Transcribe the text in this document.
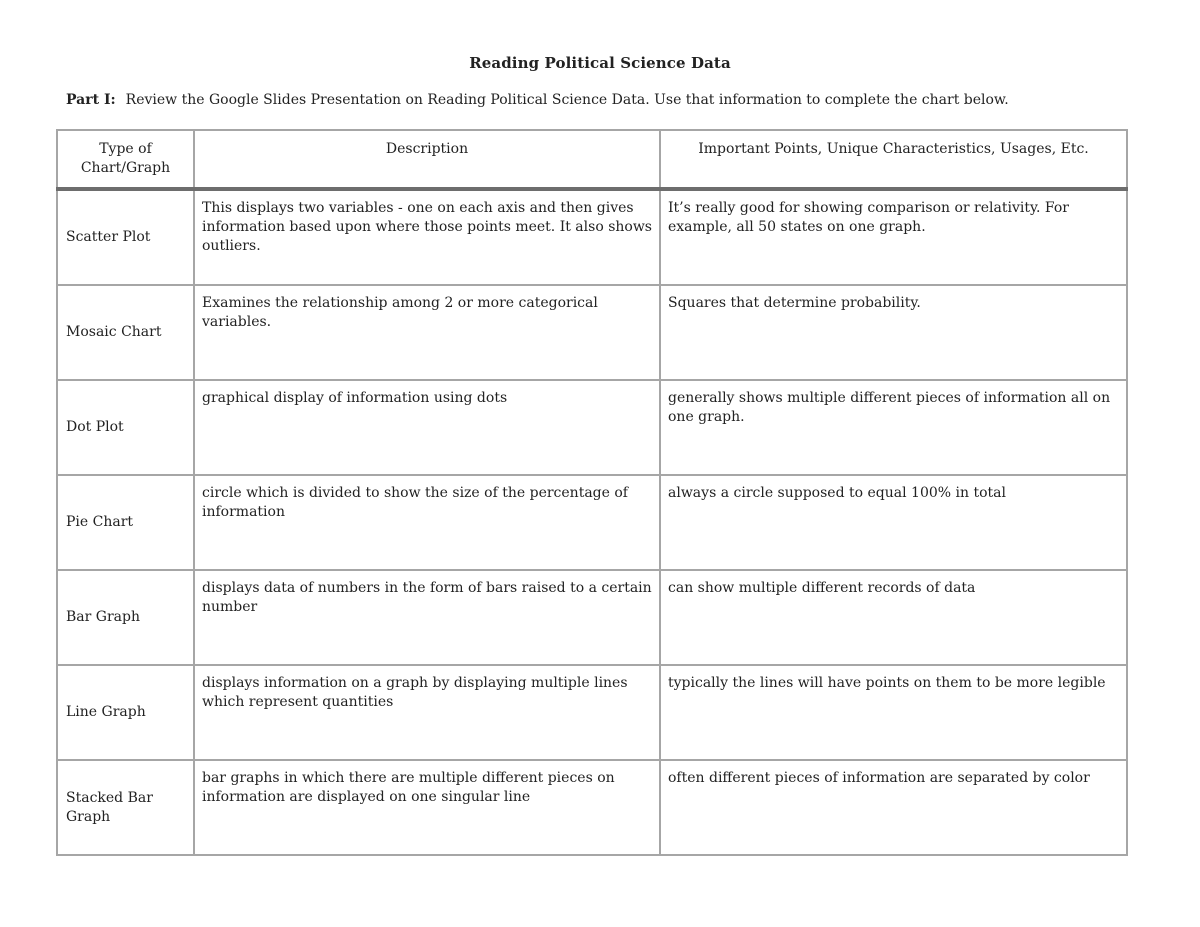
Reading Political Science Data
Part I: Review the Google Slides Presentation on Reading Political Science Data. Use that information to complete the chart below.
Type of Chart/Graph	Description	Important Points, Unique Characteristics, Usages, Etc.
Scatter Plot	This displays two variables - one on each axis and then gives information based upon where those points meet. It also shows outliers.	It’s really good for showing comparison or relativity. For example, all 50 states on one graph.
Mosaic Chart	Examines the relationship among 2 or more categorical variables.	Squares that determine probability.
Dot Plot	graphical display of information using dots	generally shows multiple different pieces of information all on one graph.
Pie Chart	circle which is divided to show the size of the percentage of information	always a circle supposed to equal 100% in total
Bar Graph	displays data of numbers in the form of bars raised to a certain number	can show multiple different records of data
Line Graph	displays information on a graph by displaying multiple lines which represent quantities	typically the lines will have points on them to be more legible
Stacked Bar Graph	bar graphs in which there are multiple different pieces on information are displayed on one singular line	often different pieces of information are separated by color
